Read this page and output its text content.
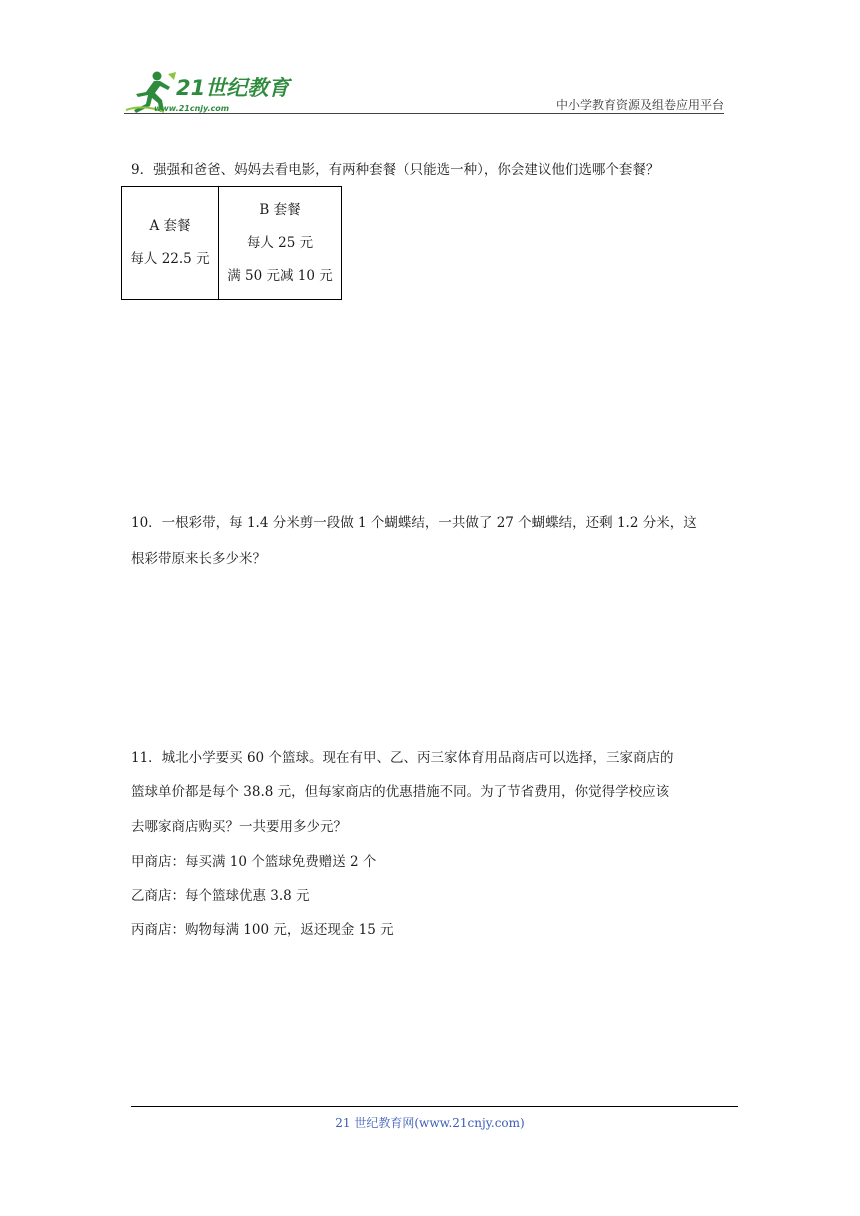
21世纪教育
www.21cnjy.com	中小学教育资源及组卷应用平台
9．强强和爸爸、妈妈去看电影，有两种套餐（只能选一种），你会建议他们选哪个套餐？
A 套餐
每人 22.5 元

B 套餐
每人 25 元
满 50 元减 10 元
10．一根彩带，每 1.4 分米剪一段做 1 个蝴蝶结，一共做了 27 个蝴蝶结，还剩 1.2 分米，这
根彩带原来长多少米？
11．城北小学要买 60 个篮球。现在有甲、乙、丙三家体育用品商店可以选择，三家商店的
篮球单价都是每个 38.8 元，但每家商店的优惠措施不同。为了节省费用，你觉得学校应该
去哪家商店购买？一共要用多少元？
甲商店：每买满 10 个篮球免费赠送 2 个
乙商店：每个篮球优惠 3.8 元
丙商店：购物每满 100 元，返还现金 15 元
21 世纪教育网(www.21cnjy.com)
